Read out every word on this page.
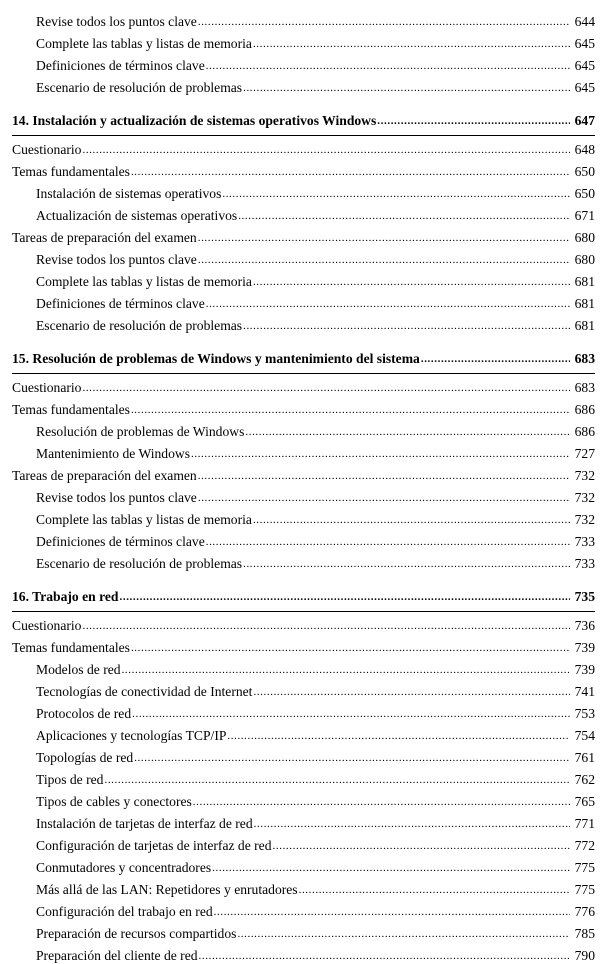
Revise todos los puntos clave .....	644
Complete las tablas y listas de memoria .....	645
Definiciones de términos clave .....	645
Escenario de resolución de problemas .....	645
14. Instalación y actualización de sistemas operativos Windows .....	647
Cuestionario .....	648
Temas fundamentales .....	650
Instalación de sistemas operativos .....	650
Actualización de sistemas operativos .....	671
Tareas de preparación del examen .....	680
Revise todos los puntos clave .....	680
Complete las tablas y listas de memoria .....	681
Definiciones de términos clave .....	681
Escenario de resolución de problemas .....	681
15. Resolución de problemas de Windows y mantenimiento del sistema .....	683
Cuestionario .....	683
Temas fundamentales .....	686
Resolución de problemas de Windows .....	686
Mantenimiento de Windows .....	727
Tareas de preparación del examen .....	732
Revise todos los puntos clave .....	732
Complete las tablas y listas de memoria .....	732
Definiciones de términos clave .....	733
Escenario de resolución de problemas .....	733
16. Trabajo en red .....	735
Cuestionario .....	736
Temas fundamentales .....	739
Modelos de red .....	739
Tecnologías de conectividad de Internet .....	741
Protocolos de red .....	753
Aplicaciones y tecnologías TCP/IP .....	754
Topologías de red .....	761
Tipos de red .....	762
Tipos de cables y conectores .....	765
Instalación de tarjetas de interfaz de red .....	771
Configuración de tarjetas de interfaz de red .....	772
Conmutadores y concentradores .....	775
Más allá de las LAN: Repetidores y enrutadores .....	775
Configuración del trabajo en red .....	776
Preparación de recursos compartidos .....	785
Preparación del cliente de red .....	790
